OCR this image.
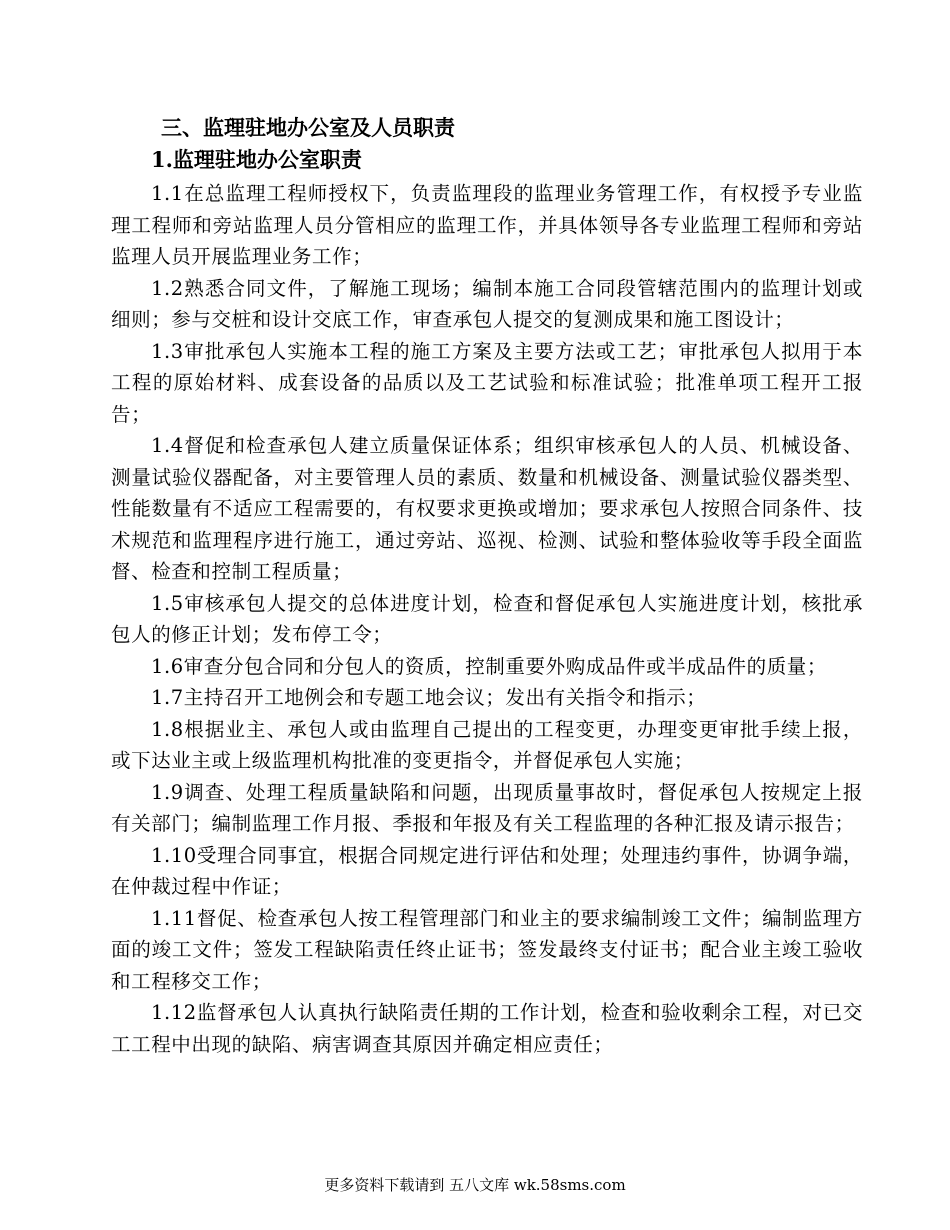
三、监理驻地办公室及人员职责
1.监理驻地办公室职责

1.1在总监理工程师授权下，负责监理段的监理业务管理工作，有权授予专业监理工程师和旁站监理人员分管相应的监理工作，并具体领导各专业监理工程师和旁站监理人员开展监理业务工作；

1.2熟悉合同文件，了解施工现场；编制本施工合同段管辖范围内的监理计划或细则；参与交桩和设计交底工作，审查承包人提交的复测成果和施工图设计；

1.3审批承包人实施本工程的施工方案及主要方法或工艺；审批承包人拟用于本工程的原始材料、成套设备的品质以及工艺试验和标准试验；批准单项工程开工报告；

1.4督促和检查承包人建立质量保证体系；组织审核承包人的人员、机械设备、测量试验仪器配备，对主要管理人员的素质、数量和机械设备、测量试验仪器类型、性能数量有不适应工程需要的，有权要求更换或增加；要求承包人按照合同条件、技术规范和监理程序进行施工，通过旁站、巡视、检测、试验和整体验收等手段全面监督、检查和控制工程质量；

1.5审核承包人提交的总体进度计划，检查和督促承包人实施进度计划，核批承包人的修正计划；发布停工令；

1.6审查分包合同和分包人的资质，控制重要外购成品件或半成品件的质量；

1.7主持召开工地例会和专题工地会议；发出有关指令和指示；

1.8根据业主、承包人或由监理自己提出的工程变更，办理变更审批手续上报，或下达业主或上级监理机构批准的变更指令，并督促承包人实施；

1.9调查、处理工程质量缺陷和问题，出现质量事故时，督促承包人按规定上报有关部门；编制监理工作月报、季报和年报及有关工程监理的各种汇报及请示报告；

1.10受理合同事宜，根据合同规定进行评估和处理；处理违约事件，协调争端，在仲裁过程中作证；

1.11督促、检查承包人按工程管理部门和业主的要求编制竣工文件；编制监理方面的竣工文件；签发工程缺陷责任终止证书；签发最终支付证书；配合业主竣工验收和工程移交工作；

1.12监督承包人认真执行缺陷责任期的工作计划，检查和验收剩余工程，对已交工工程中出现的缺陷、病害调查其原因并确定相应责任；

更多资料下载请到 五八文库 wk.58sms.com
